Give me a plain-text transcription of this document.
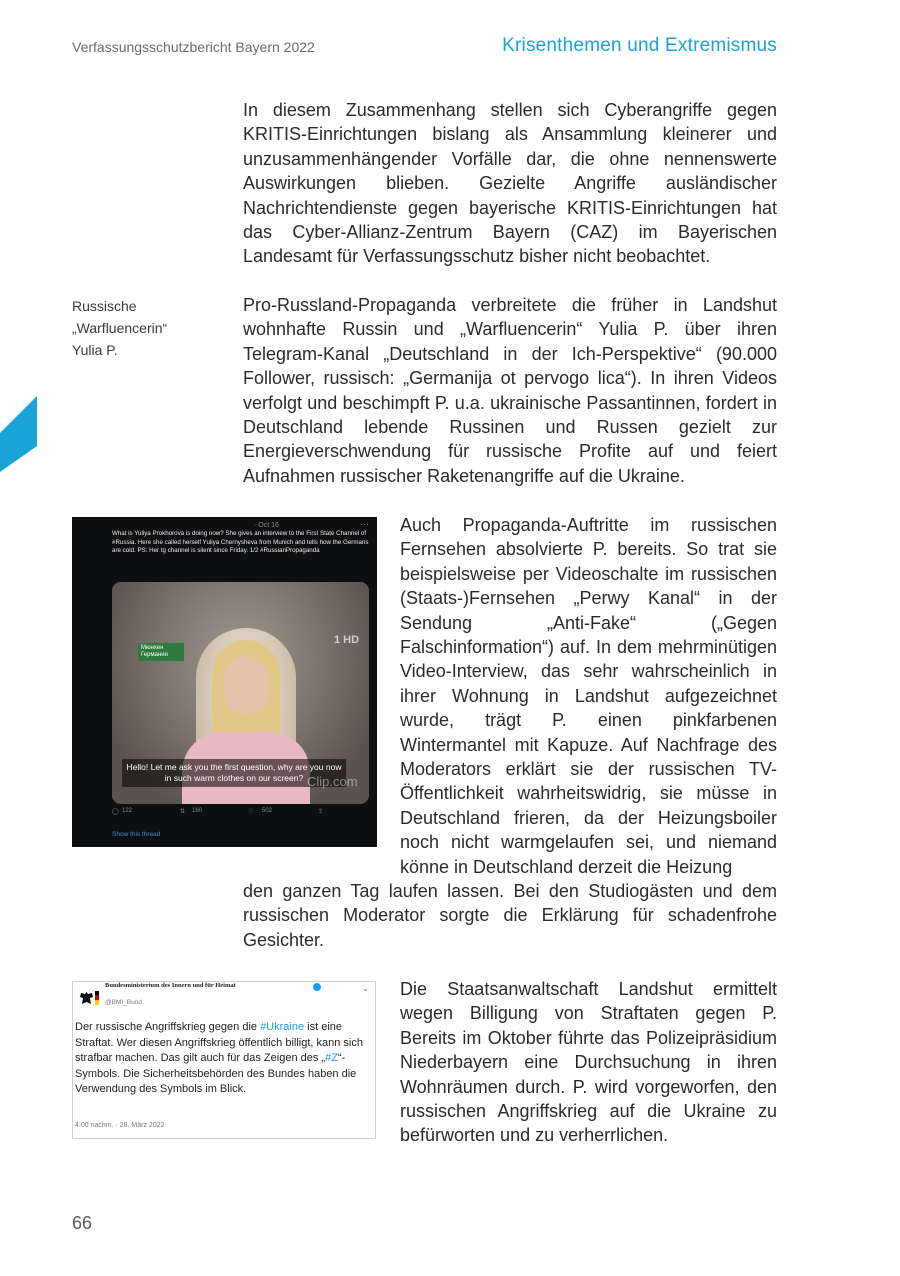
Verfassungsschutzbericht Bayern 2022	Krisenthemen und Extremismus
Russische
„Warfluencerin“
Yulia P.

In diesem Zusammenhang stellen sich Cyberangriffe gegen KRITIS-Einrichtungen bislang als Ansammlung kleinerer und unzusammenhängender Vorfälle dar, die ohne nennenswerte Auswirkungen blieben. Gezielte Angriffe ausländischer Nachrichtendienste gegen bayerische KRITIS-Einrichtungen hat das Cyber-Allianz-Zentrum Bayern (CAZ) im Bayerischen Landesamt für Verfassungsschutz bisher nicht beobachtet.

Pro-Russland-Propaganda verbreitete die früher in Landshut wohnhafte Russin und „Warfluencerin“ Yulia P. über ihren Telegram-Kanal „Deutschland in der Ich-Perspektive“ (90.000 Follower, russisch: „Germanija ot pervogo lica“). In ihren Videos verfolgt und beschimpft P. u.a. ukrainische Passantinnen, fordert in Deutschland lebende Russinen und Russen gezielt zur Energieverschwendung für russische Profite auf und feiert Aufnahmen russischer Raketenangriffe auf die Ukraine.

Auch Propaganda-Auftritte im russischen Fernsehen absolvierte P. bereits. So trat sie beispielsweise per Videoschalte im russischen (Staats-)Fernsehen „Perwy Kanal“ in der Sendung „Anti-Fake“ („Gegen Falschinformation“) auf. In dem mehrminütigen Video-Interview, das sehr wahrscheinlich in ihrer Wohnung in Landshut aufgezeichnet wurde, trägt P. einen pinkfarbenen Wintermantel mit Kapuze. Auf Nachfrage des Moderators erklärt sie der russischen TV-Öffentlichkeit wahrheitswidrig, sie müsse in Deutschland frieren, da der Heizungsboiler noch nicht warmgelaufen sei, und niemand könne in Deutschland derzeit die Heizung

den ganzen Tag laufen lassen. Bei den Studiogästen und dem russischen Moderator sorgte die Erklärung für schadenfrohe Gesichter.

Die Staatsanwaltschaft Landshut ermittelt wegen Billigung von Straftaten gegen P. Bereits im Oktober führte das Polizeipräsidium Niederbayern eine Durchsuchung in ihren Wohnräumen durch. P. wird vorgeworfen, den russischen Angriffskrieg auf die Ukraine zu befürworten und zu verherrlichen.

· Oct 16	···
What is Yuliya Prokhorova is doing now? She gives an interview to the First State Channel of #Russia. Here she called herself Yuliya Chernysheva from Munich and tells how the Germans are cold. PS: Her tg channel is silent since Friday. 1/2 #RussianPropaganda
Мюнхен Германия
1 HD
Hello! Let me ask you the first question, why are you now in such warm clothes on our screen? Clip.com
◯ 122	⇅ 160	♡ 502	⇪
Show this thread
Bundesministerium des Innern und für Heimat
@BMI_Bund
⌄
Der russische Angriffskrieg gegen die #Ukraine ist eine Straftat. Wer diesen Angriffskrieg öffentlich billigt, kann sich strafbar machen. Das gilt auch für das Zeigen des „#Z“-Symbols. Die Sicherheitsbehörden des Bundes haben die Verwendung des Symbols im Blick.
4:00 nachm. · 28. März 2022
66
